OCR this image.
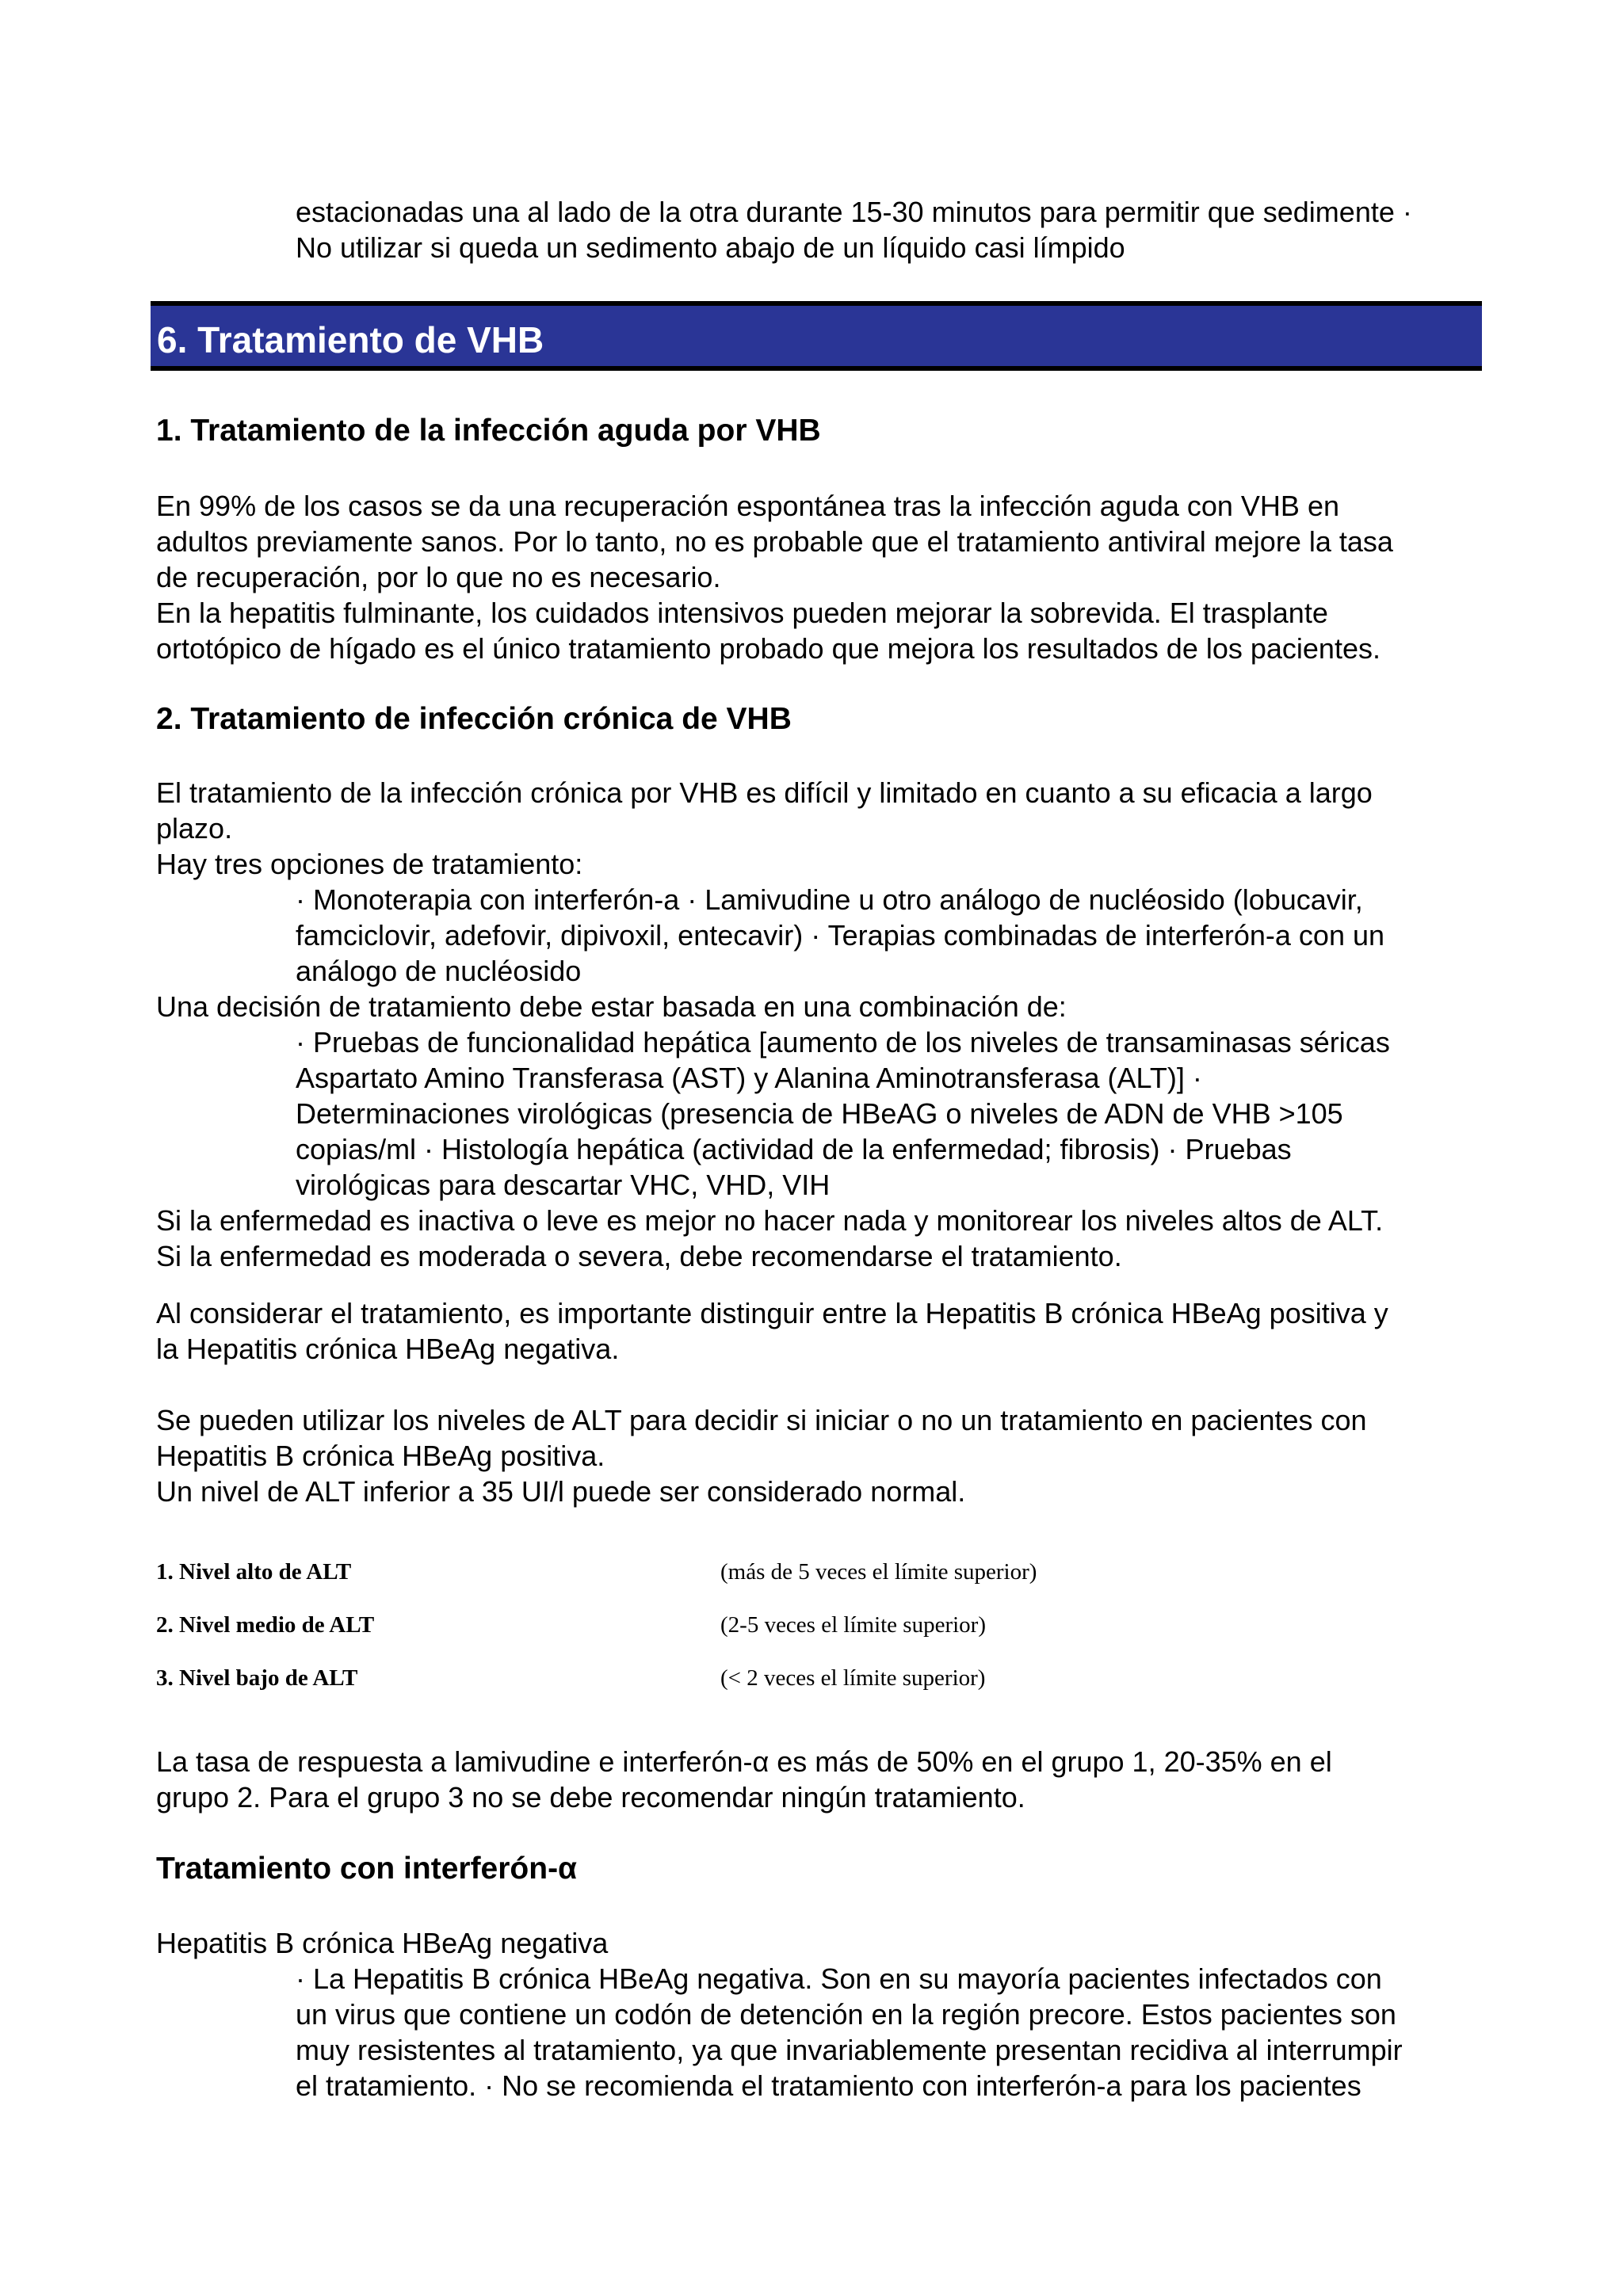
estacionadas una al lado de la otra durante 15-30 minutos para permitir que sedimente ·
No utilizar si queda un sedimento abajo de un líquido casi límpido

6. Tratamiento de VHB
1. Tratamiento de la infección aguda por VHB

En 99% de los casos se da una recuperación espontánea tras la infección aguda con VHB en
adultos previamente sanos. Por lo tanto, no es probable que el tratamiento antiviral mejore la tasa
de recuperación, por lo que no es necesario.
En la hepatitis fulminante, los cuidados intensivos pueden mejorar la sobrevida. El trasplante
ortotópico de hígado es el único tratamiento probado que mejora los resultados de los pacientes.

2. Tratamiento de infección crónica de VHB

El tratamiento de la infección crónica por VHB es difícil y limitado en cuanto a su eficacia a largo
plazo.
Hay tres opciones de tratamiento:

· Monoterapia con interferón-a · Lamivudine u otro análogo de nucléosido (lobucavir,
famciclovir, adefovir, dipivoxil, entecavir) · Terapias combinadas de interferón-a con un
análogo de nucléosido

Una decisión de tratamiento debe estar basada en una combinación de:

· Pruebas de funcionalidad hepática [aumento de los niveles de transaminasas séricas
Aspartato Amino Transferasa (AST) y Alanina Aminotransferasa (ALT)] ·
Determinaciones virológicas (presencia de HBeAG o niveles de ADN de VHB >105
copias/ml · Histología hepática (actividad de la enfermedad; fibrosis) · Pruebas
virológicas para descartar VHC, VHD, VIH

Si la enfermedad es inactiva o leve es mejor no hacer nada y monitorear los niveles altos de ALT.
Si la enfermedad es moderada o severa, debe recomendarse el tratamiento.

Al considerar el tratamiento, es importante distinguir entre la Hepatitis B crónica HBeAg positiva y
la Hepatitis crónica HBeAg negativa.

Se pueden utilizar los niveles de ALT para decidir si iniciar o no un tratamiento en pacientes con
Hepatitis B crónica HBeAg positiva.
Un nivel de ALT inferior a 35 UI/l puede ser considerado normal.

1. Nivel alto de ALT	(más de 5 veces el límite superior)
2. Nivel medio de ALT	(2-5 veces el límite superior)
3. Nivel bajo de ALT	(< 2 veces el límite superior)

La tasa de respuesta a lamivudine e interferón-α es más de 50% en el grupo 1, 20-35% en el
grupo 2. Para el grupo 3 no se debe recomendar ningún tratamiento.

Tratamiento con interferón-α

Hepatitis B crónica HBeAg negativa

· La Hepatitis B crónica HBeAg negativa. Son en su mayoría pacientes infectados con
un virus que contiene un codón de detención en la región precore. Estos pacientes son
muy resistentes al tratamiento, ya que invariablemente presentan recidiva al interrumpir
el tratamiento. · No se recomienda el tratamiento con interferón-a para los pacientes
